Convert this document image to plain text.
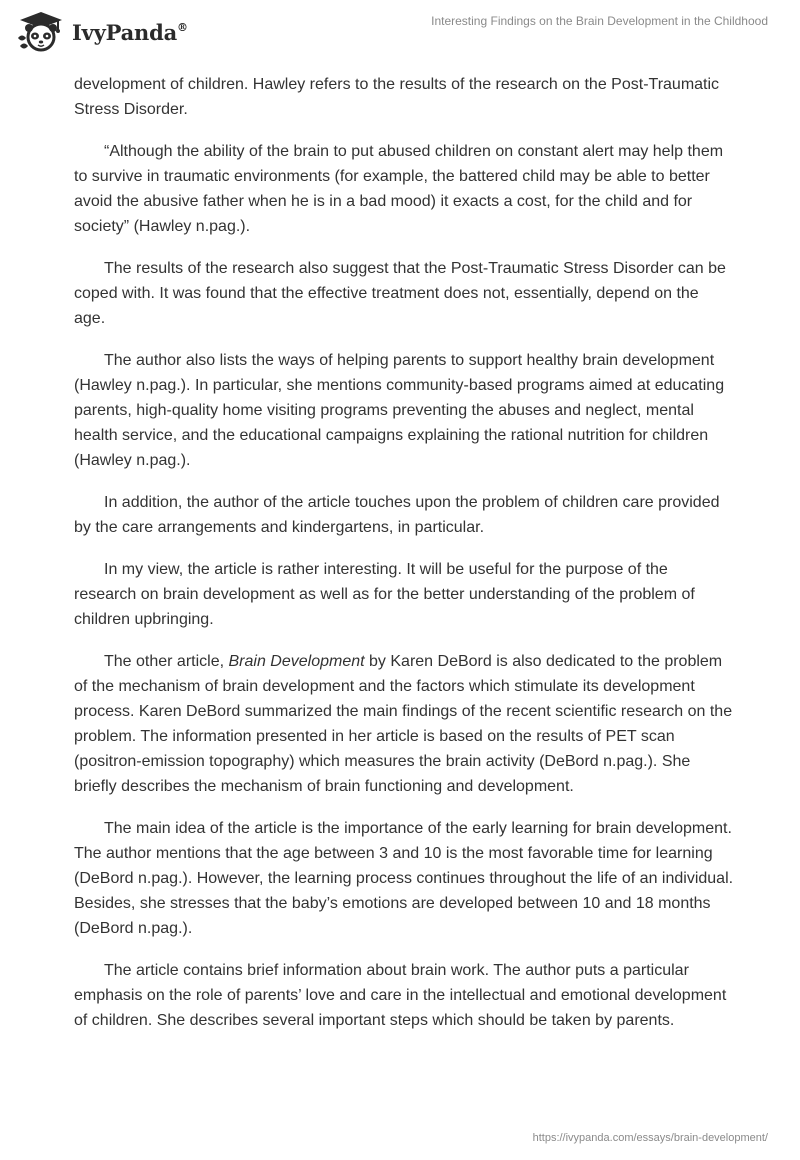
IvyPanda®	Interesting Findings on the Brain Development in the Childhood

development of children. Hawley refers to the results of the research on the Post-Traumatic Stress Disorder.

“Although the ability of the brain to put abused children on constant alert may help them to survive in traumatic environments (for example, the battered child may be able to better avoid the abusive father when he is in a bad mood) it exacts a cost, for the child and for society” (Hawley n.pag.).

The results of the research also suggest that the Post-Traumatic Stress Disorder can be coped with. It was found that the effective treatment does not, essentially, depend on the age.

The author also lists the ways of helping parents to support healthy brain development (Hawley n.pag.). In particular, she mentions community-based programs aimed at educating parents, high-quality home visiting programs preventing the abuses and neglect, mental health service, and the educational campaigns explaining the rational nutrition for children (Hawley n.pag.).

In addition, the author of the article touches upon the problem of children care provided by the care arrangements and kindergartens, in particular.

In my view, the article is rather interesting. It will be useful for the purpose of the research on brain development as well as for the better understanding of the problem of children upbringing.

The other article, Brain Development by Karen DeBord is also dedicated to the problem of the mechanism of brain development and the factors which stimulate its development process. Karen DeBord summarized the main findings of the recent scientific research on the problem. The information presented in her article is based on the results of PET scan (positron-emission topography) which measures the brain activity (DeBord n.pag.). She briefly describes the mechanism of brain functioning and development.

The main idea of the article is the importance of the early learning for brain development. The author mentions that the age between 3 and 10 is the most favorable time for learning (DeBord n.pag.). However, the learning process continues throughout the life of an individual. Besides, she stresses that the baby’s emotions are developed between 10 and 18 months (DeBord n.pag.).

The article contains brief information about brain work. The author puts a particular emphasis on the role of parents’ love and care in the intellectual and emotional development of children. She describes several important steps which should be taken by parents.

https://ivypanda.com/essays/brain-development/
